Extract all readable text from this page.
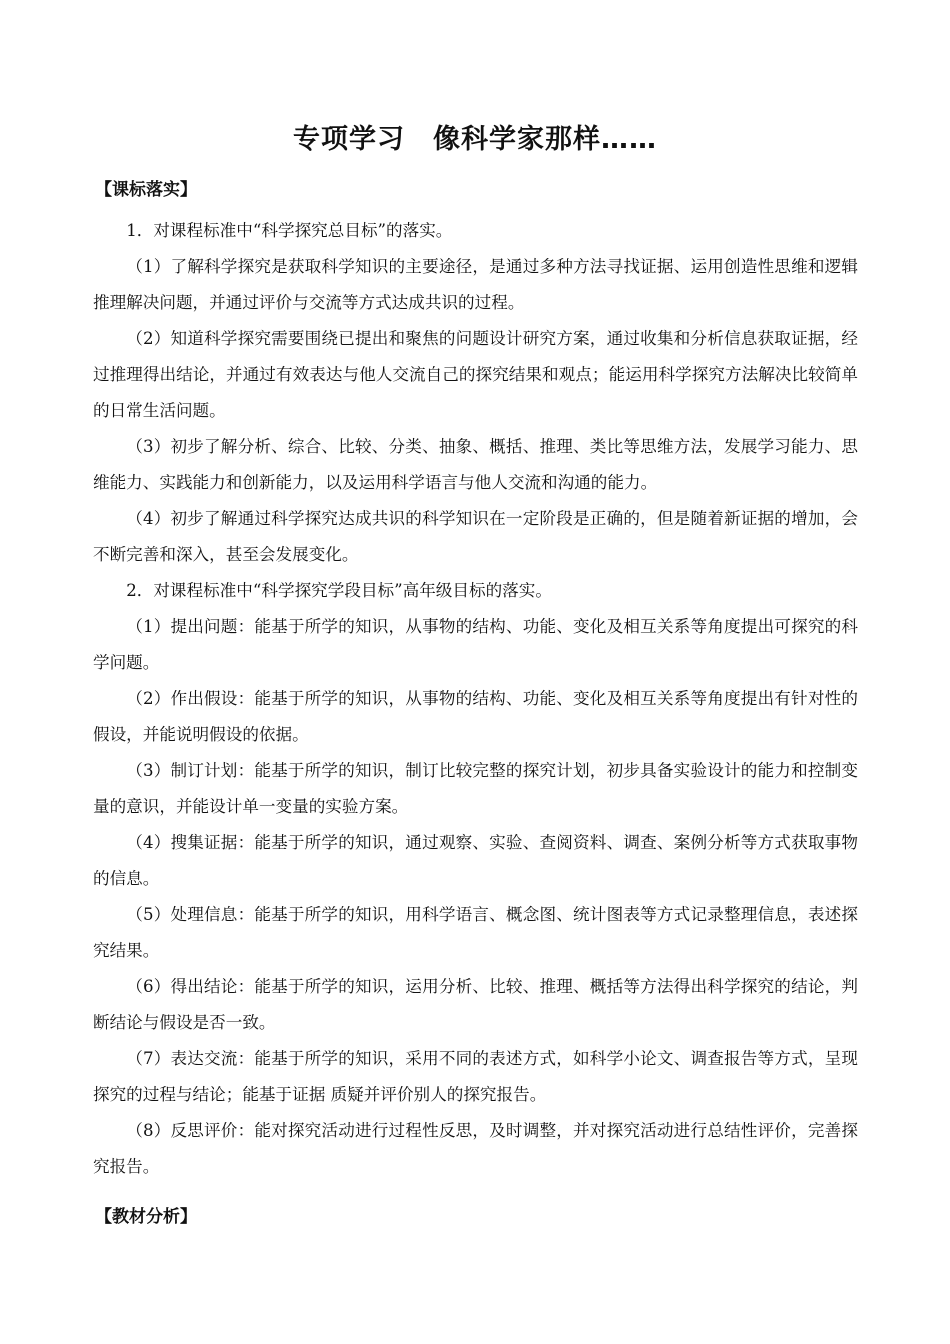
专项学习　像科学家那样……
【课标落实】

1．对课程标准中“科学探究总目标”的落实。

（1）了解科学探究是获取科学知识的主要途径，是通过多种方法寻找证据、运用创造性思维和逻辑推理解决问题，并通过评价与交流等方式达成共识的过程。

（2）知道科学探究需要围绕已提出和聚焦的问题设计研究方案，通过收集和分析信息获取证据，经过推理得出结论，并通过有效表达与他人交流自己的探究结果和观点；能运用科学探究方法解决比较简单的日常生活问题。

（3）初步了解分析、综合、比较、分类、抽象、概括、推理、类比等思维方法，发展学习能力、思维能力、实践能力和创新能力，以及运用科学语言与他人交流和沟通的能力。

（4）初步了解通过科学探究达成共识的科学知识在一定阶段是正确的，但是随着新证据的增加，会不断完善和深入，甚至会发展变化。

2．对课程标准中“科学探究学段目标”高年级目标的落实。

（1）提出问题：能基于所学的知识，从事物的结构、功能、变化及相互关系等角度提出可探究的科学问题。

（2）作出假设：能基于所学的知识，从事物的结构、功能、变化及相互关系等角度提出有针对性的假设，并能说明假设的依据。

（3）制订计划：能基于所学的知识，制订比较完整的探究计划，初步具备实验设计的能力和控制变量的意识，并能设计单一变量的实验方案。

（4）搜集证据：能基于所学的知识，通过观察、实验、查阅资料、调查、案例分析等方式获取事物的信息。

（5）处理信息：能基于所学的知识，用科学语言、概念图、统计图表等方式记录整理信息，表述探究结果。

（6）得出结论：能基于所学的知识，运用分析、比较、推理、概括等方法得出科学探究的结论，判断结论与假设是否一致。

（7）表达交流：能基于所学的知识，采用不同的表述方式，如科学小论文、调查报告等方式，呈现探究的过程与结论；能基于证据 质疑并评价别人的探究报告。

（8）反思评价：能对探究活动进行过程性反思，及时调整，并对探究活动进行总结性评价，完善探究报告。

【教材分析】
